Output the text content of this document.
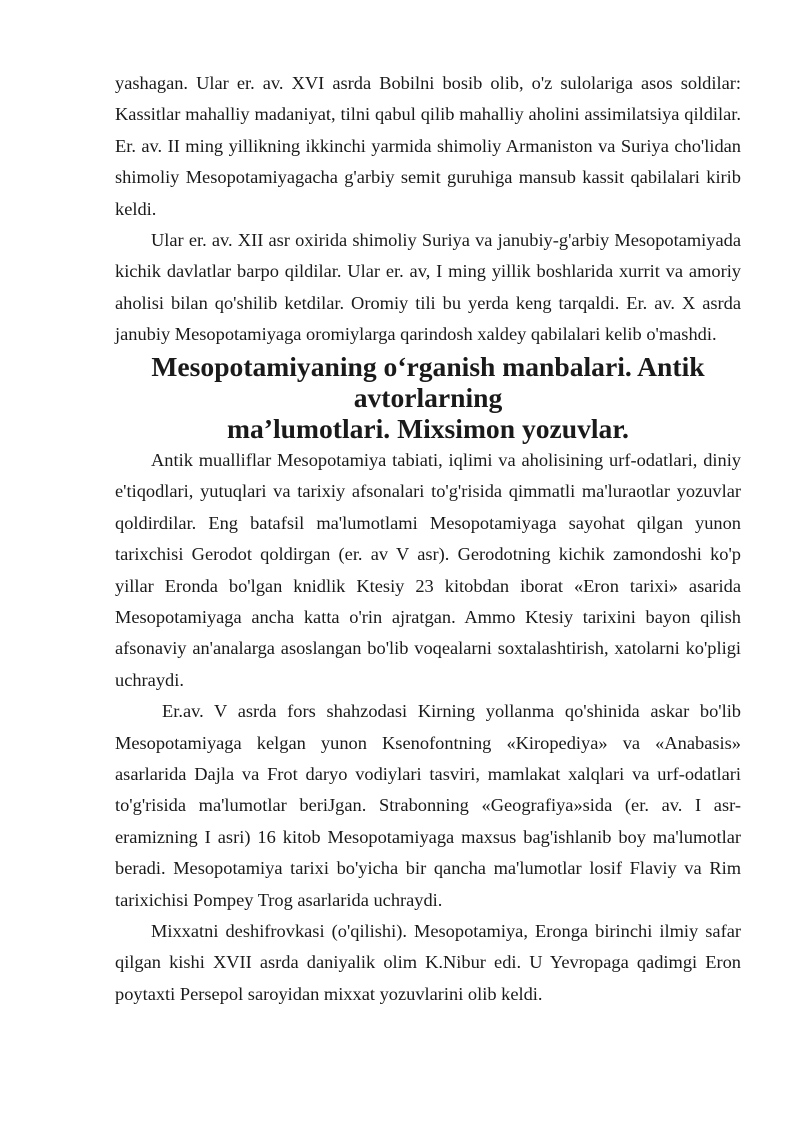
yashagan. Ular er. av. XVI asrda Bobilni bosib olib, o'z sulolariga asos soldilar: Kassitlar mahalliy madaniyat, tilni qabul qilib mahalliy aholini assimilatsiya qildilar. Er. av. II ming yillikning ikkinchi yarmida shimoliy Armaniston va Suriya cho'lidan shimoliy Mesopotamiyagacha g'arbiy semit guruhiga mansub kassit qabilalari kirib keldi.

Ular er. av. XII asr oxirida shimoliy Suriya va janubiy-g'arbiy Mesopotamiyada kichik davlatlar barpo qildilar. Ular er. av, I ming yillik boshlarida xurrit va amoriy aholisi bilan qo'shilib ketdilar. Oromiy tili bu yerda keng tarqaldi. Er. av. X asrda janubiy Mesopotamiyaga oromiylarga qarindosh xaldey qabilalari kelib o'mashdi.

Mesopotamiyaning o‘rganish manbalari. Antik avtorlarning
ma’lumotlari. Mixsimon yozuvlar.

Antik mualliflar Mesopotamiya tabiati, iqlimi va aholisining urf-odatlari, diniy e'tiqodlari, yutuqlari va tarixiy afsonalari to'g'risida qimmatli ma'luraotlar yozuvlar qoldirdilar. Eng batafsil ma'lumotlami Mesopotamiyaga sayohat qilgan yunon tarixchisi Gerodot qoldirgan (er. av V asr). Gerodotning kichik zamondoshi ko'p yillar Eronda bo'lgan knidlik Ktesiy 23 kitobdan iborat «Eron tarixi» asarida Mesopotamiyaga ancha katta o'rin ajratgan. Ammo Ktesiy tarixini bayon qilish afsonaviy an'analarga asoslangan bo'lib voqealarni soxtalashtirish, xatolarni ko'pligi uchraydi.

Er.av. V asrda fors shahzodasi Kirning yollanma qo'shinida askar bo'lib Mesopotamiyaga kelgan yunon Ksenofontning «Kiropediya» va «Anabasis» asarlarida Dajla va Frot daryo vodiylari tasviri, mamlakat xalqlari va urf-odatlari to'g'risida ma'lumotlar beriJgan. Strabonning «Geografiya»sida (er. av. I asr-eramizning I asri) 16 kitob Mesopotamiyaga maxsus bag'ishlanib boy ma'lumotlar beradi. Mesopotamiya tarixi bo'yicha bir qancha ma'lumotlar losif Flaviy va Rim tarixichisi Pompey Trog asarlarida uchraydi.

Mixxatni deshifrovkasi (o'qilishi). Mesopotamiya, Eronga birinchi ilmiy safar qilgan kishi XVII asrda daniyalik olim K.Nibur edi. U Yevropaga qadimgi Eron poytaxti Persepol saroyidan mixxat yozuvlarini olib keldi.
